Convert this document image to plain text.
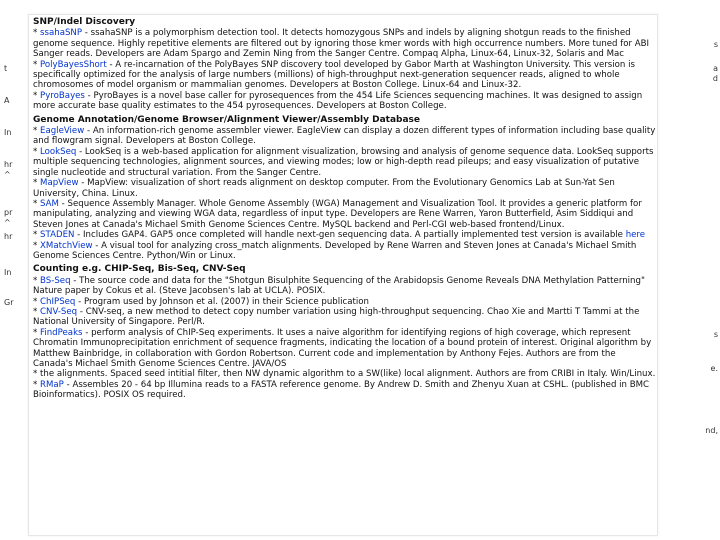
t
A
In
hr
^
pr
^
hr
In
Gr
s
a
d
s
e.
nd,
SNP/Indel Discovery
* ssahaSNP - ssahaSNP is a polymorphism detection tool. It detects homozygous SNPs and indels by aligning shotgun reads to the finished genome sequence. Highly repetitive elements are filtered out by ignoring those kmer words with high occurrence numbers. More tuned for ABI Sanger reads. Developers are Adam Spargo and Zemin Ning from the Sanger Centre. Compaq Alpha, Linux-64, Linux-32, Solaris and Mac
* PolyBayesShort - A re-incarnation of the PolyBayes SNP discovery tool developed by Gabor Marth at Washington University. This version is specifically optimized for the analysis of large numbers (millions) of high-throughput next-generation sequencer reads, aligned to whole chromosomes of model organism or mammalian genomes. Developers at Boston College. Linux-64 and Linux-32.
* PyroBayes - PyroBayes is a novel base caller for pyrosequences from the 454 Life Sciences sequencing machines. It was designed to assign more accurate base quality estimates to the 454 pyrosequences. Developers at Boston College.
Genome Annotation/Genome Browser/Alignment Viewer/Assembly Database
* EagleView - An information-rich genome assembler viewer. EagleView can display a dozen different types of information including base quality and flowgram signal. Developers at Boston College.
* LookSeq - LookSeq is a web-based application for alignment visualization, browsing and analysis of genome sequence data. LookSeq supports multiple sequencing technologies, alignment sources, and viewing modes; low or high-depth read pileups; and easy visualization of putative single nucleotide and structural variation. From the Sanger Centre.
* MapView - MapView: visualization of short reads alignment on desktop computer. From the Evolutionary Genomics Lab at Sun-Yat Sen University, China. Linux.
* SAM - Sequence Assembly Manager. Whole Genome Assembly (WGA) Management and Visualization Tool. It provides a generic platform for manipulating, analyzing and viewing WGA data, regardless of input type. Developers are Rene Warren, Yaron Butterfield, Asim Siddiqui and Steven Jones at Canada's Michael Smith Genome Sciences Centre. MySQL backend and Perl-CGI web-based frontend/Linux.
* STADEN - Includes GAP4. GAP5 once completed will handle next-gen sequencing data. A partially implemented test version is available here
* XMatchView - A visual tool for analyzing cross_match alignments. Developed by Rene Warren and Steven Jones at Canada's Michael Smith Genome Sciences Centre. Python/Win or Linux.
Counting e.g. CHIP-Seq, Bis-Seq, CNV-Seq
* BS-Seq - The source code and data for the "Shotgun Bisulphite Sequencing of the Arabidopsis Genome Reveals DNA Methylation Patterning" Nature paper by Cokus et al. (Steve Jacobsen's lab at UCLA). POSIX.
* ChIPSeq - Program used by Johnson et al. (2007) in their Science publication
* CNV-Seq - CNV-seq, a new method to detect copy number variation using high-throughput sequencing. Chao Xie and Martti T Tammi at the National University of Singapore. Perl/R.
* FindPeaks - perform analysis of ChIP-Seq experiments. It uses a naive algorithm for identifying regions of high coverage, which represent Chromatin Immunoprecipitation enrichment of sequence fragments, indicating the location of a bound protein of interest. Original algorithm by Matthew Bainbridge, in collaboration with Gordon Robertson. Current code and implementation by Anthony Fejes. Authors are from the Canada's Michael Smith Genome Sciences Centre. JAVA/OS
* the alignments. Spaced seed intitial filter, then NW dynamic algorithm to a SW(like) local alignment. Authors are from CRIBI in Italy. Win/Linux.
* RMaP - Assembles 20 - 64 bp Illumina reads to a FASTA reference genome. By Andrew D. Smith and Zhenyu Xuan at CSHL. (published in BMC Bioinformatics). POSIX OS required.
